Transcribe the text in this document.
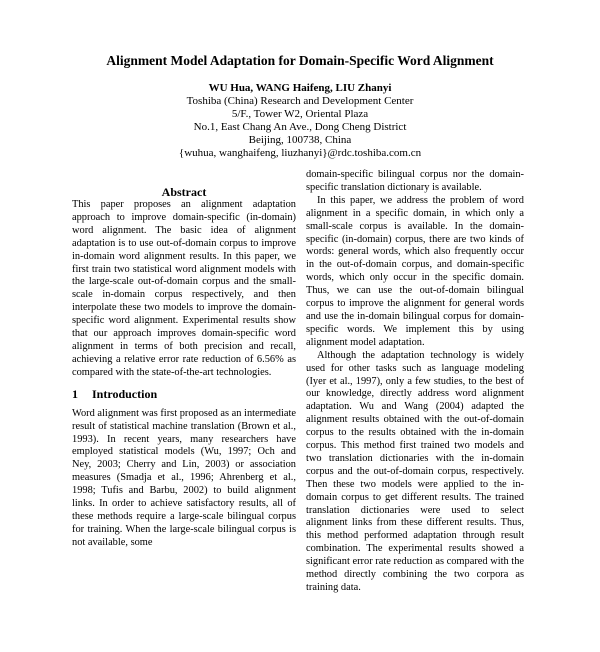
Alignment Model Adaptation for Domain-Specific Word Alignment
WU Hua, WANG Haifeng, LIU Zhanyi
Toshiba (China) Research and Development Center
5/F., Tower W2, Oriental Plaza
No.1, East Chang An Ave., Dong Cheng District
Beijing, 100738, China
{wuhua, wanghaifeng, liuzhanyi}@rdc.toshiba.com.cn
Abstract

This paper proposes an alignment adaptation approach to improve domain-specific (in-domain) word alignment. The basic idea of alignment adaptation is to use out-of-domain corpus to improve in-domain word alignment results. In this paper, we first train two statistical word alignment models with the large-scale out-of-domain corpus and the small-scale in-domain corpus respectively, and then interpolate these two models to improve the domain-specific word alignment. Experimental results show that our approach improves domain-specific word alignment in terms of both precision and recall, achieving a relative error rate reduction of 6.56% as compared with the state-of-the-art technologies.

1 Introduction

Word alignment was first proposed as an intermediate result of statistical machine translation (Brown et al., 1993). In recent years, many researchers have employed statistical models (Wu, 1997; Och and Ney, 2003; Cherry and Lin, 2003) or association measures (Smadja et al., 1996; Ahrenberg et al., 1998; Tufis and Barbu, 2002) to build alignment links. In order to achieve satisfactory results, all of these methods require a large-scale bilingual corpus for training. When the large-scale bilingual corpus is not available, some

domain-specific bilingual corpus nor the domain-specific translation dictionary is available.

In this paper, we address the problem of word alignment in a specific domain, in which only a small-scale corpus is available. In the domain-specific (in-domain) corpus, there are two kinds of words: general words, which also frequently occur in the out-of-domain corpus, and domain-specific words, which only occur in the specific domain. Thus, we can use the out-of-domain bilingual corpus to improve the alignment for general words and use the in-domain bilingual corpus for domain-specific words. We implement this by using alignment model adaptation.

Although the adaptation technology is widely used for other tasks such as language modeling (Iyer et al., 1997), only a few studies, to the best of our knowledge, directly address word alignment adaptation. Wu and Wang (2004) adapted the alignment results obtained with the out-of-domain corpus to the results obtained with the in-domain corpus. This method first trained two models and two translation dictionaries with the in-domain corpus and the out-of-domain corpus, respectively. Then these two models were applied to the in-domain corpus to get different results. The trained translation dictionaries were used to select alignment links from these different results. Thus, this method performed adaptation through result combination. The experimental results showed a significant error rate reduction as compared with the method directly combining the two corpora as training data.
